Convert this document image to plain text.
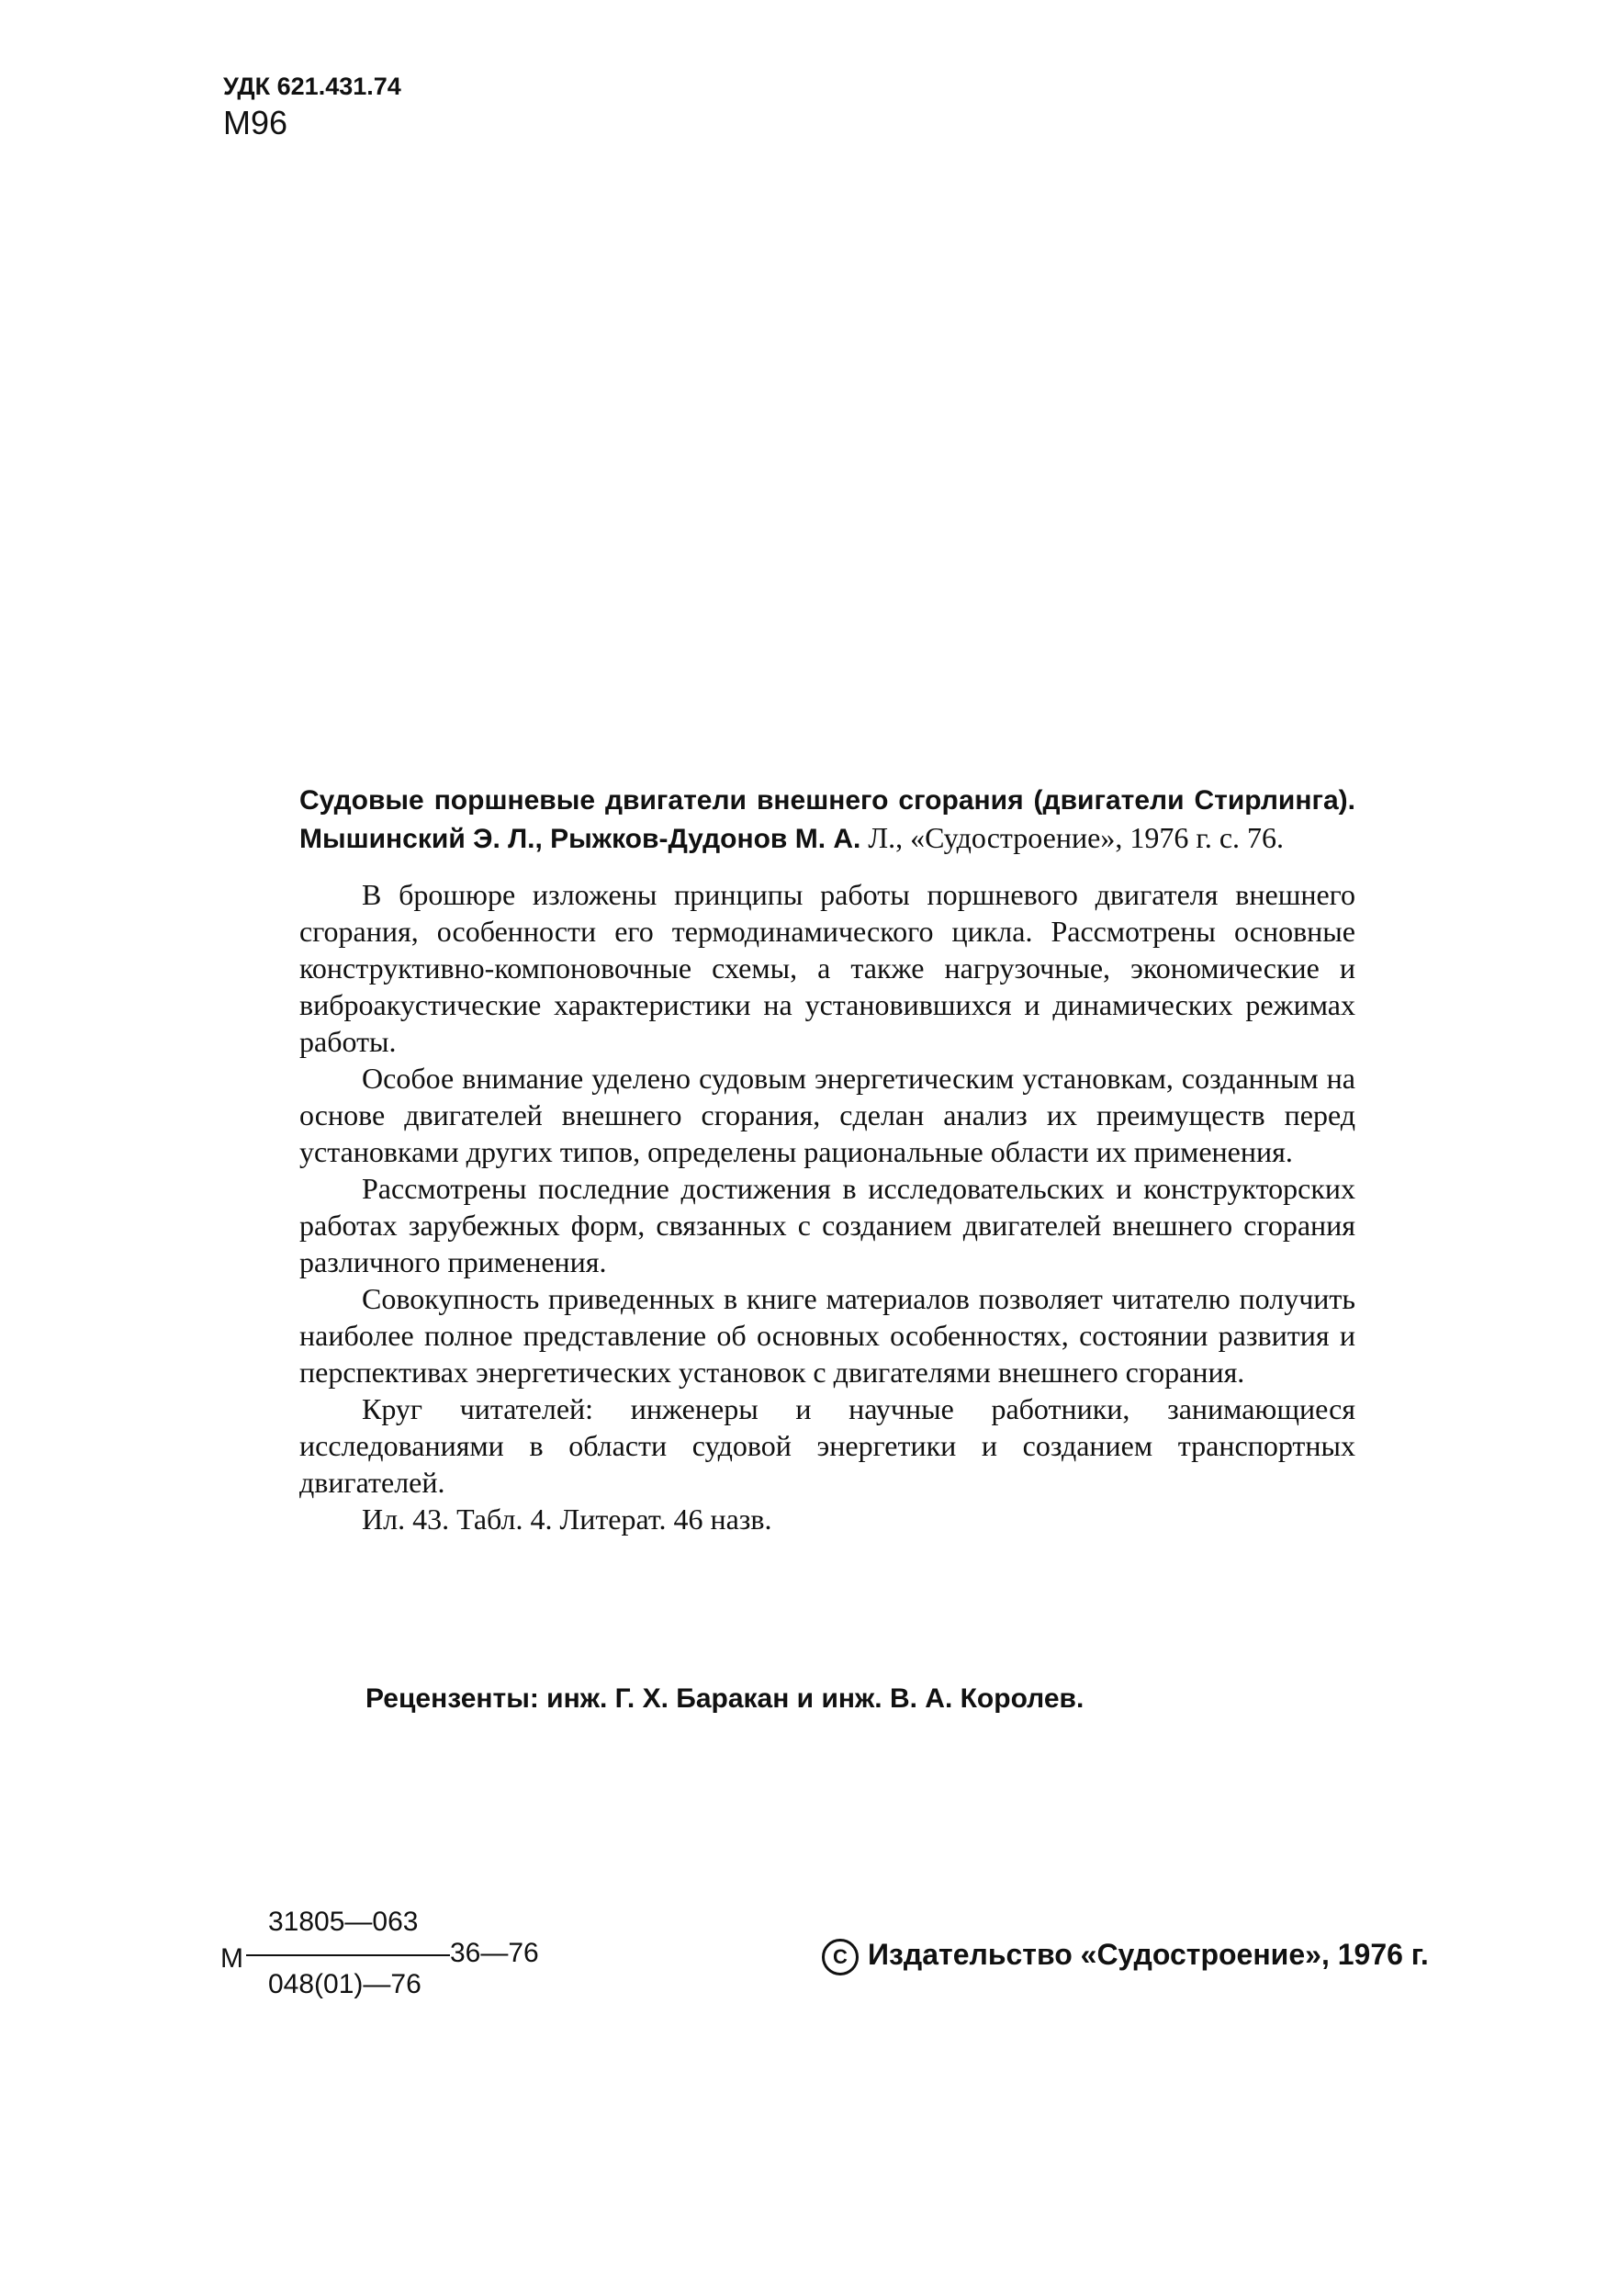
УДК 621.431.74
М96

Судовые поршневые двигатели внешнего сгорания (двигатели Стирлинга). Мышинский Э. Л., Рыжков-Дудонов М. А. Л., «Судостроение», 1976 г. с. 76.

В брошюре изложены принципы работы поршневого двигателя внешнего сгорания, особенности его термодинамического цикла. Рассмотрены основные конструктивно-компоновочные схемы, а также нагрузочные, экономические и виброакустические характеристики на установившихся и динамических режимах работы.

Особое внимание уделено судовым энергетическим установкам, созданным на основе двигателей внешнего сгорания, сделан анализ их преимуществ перед установками других типов, определены рациональные области их применения.

Рассмотрены последние достижения в исследовательских и конструкторских работах зарубежных форм, связанных с созданием двигателей внешнего сгорания различного применения.

Совокупность приведенных в книге материалов позволяет читателю получить наиболее полное представление об основных особенностях, состоянии развития и перспективах энергетических установок с двигателями внешнего сгорания.

Круг читателей: инженеры и научные работники, занимающиеся исследованиями в области судовой энергетики и созданием транспортных двигателей.

Ил. 43. Табл. 4. Литерат. 46 назв.

Рецензенты: инж. Г. Х. Баракан и инж. В. А. Королев.
М
31805—063
048(01)—76
36—76	С Издательство «Судостроение», 1976 г.
